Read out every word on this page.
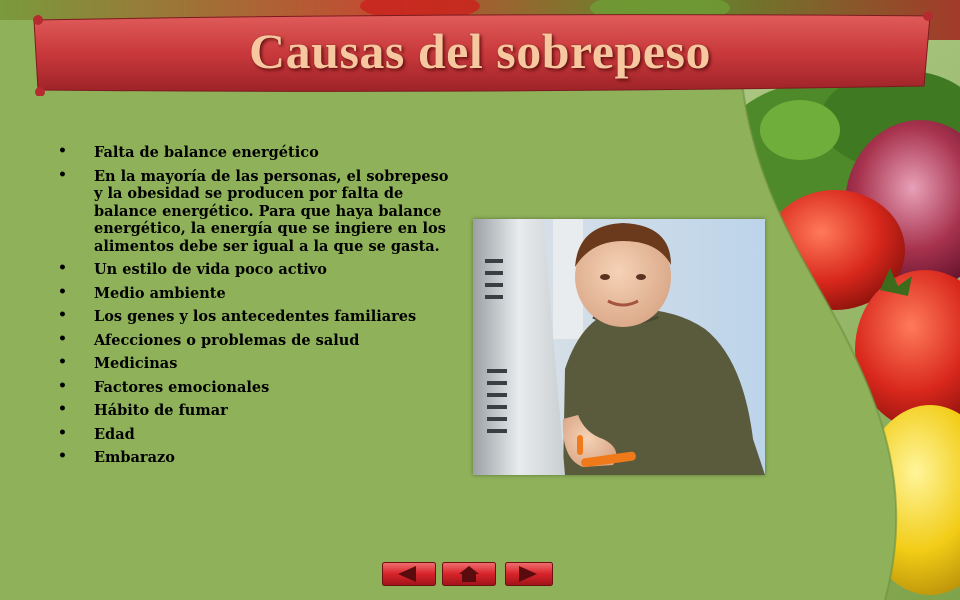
Causas del sobrepeso
• Falta de balance energético
• En la mayoría de las personas, el sobrepeso y la obesidad se producen por falta de balance energético. Para que haya balance energético, la energía que se ingiere en los alimentos debe ser igual a la que se gasta.
• Un estilo de vida poco activo
• Medio ambiente
• Los genes y los antecedentes familiares
• Afecciones o problemas de salud
• Medicinas
• Factores emocionales
• Hábito de fumar
• Edad
• Embarazo
